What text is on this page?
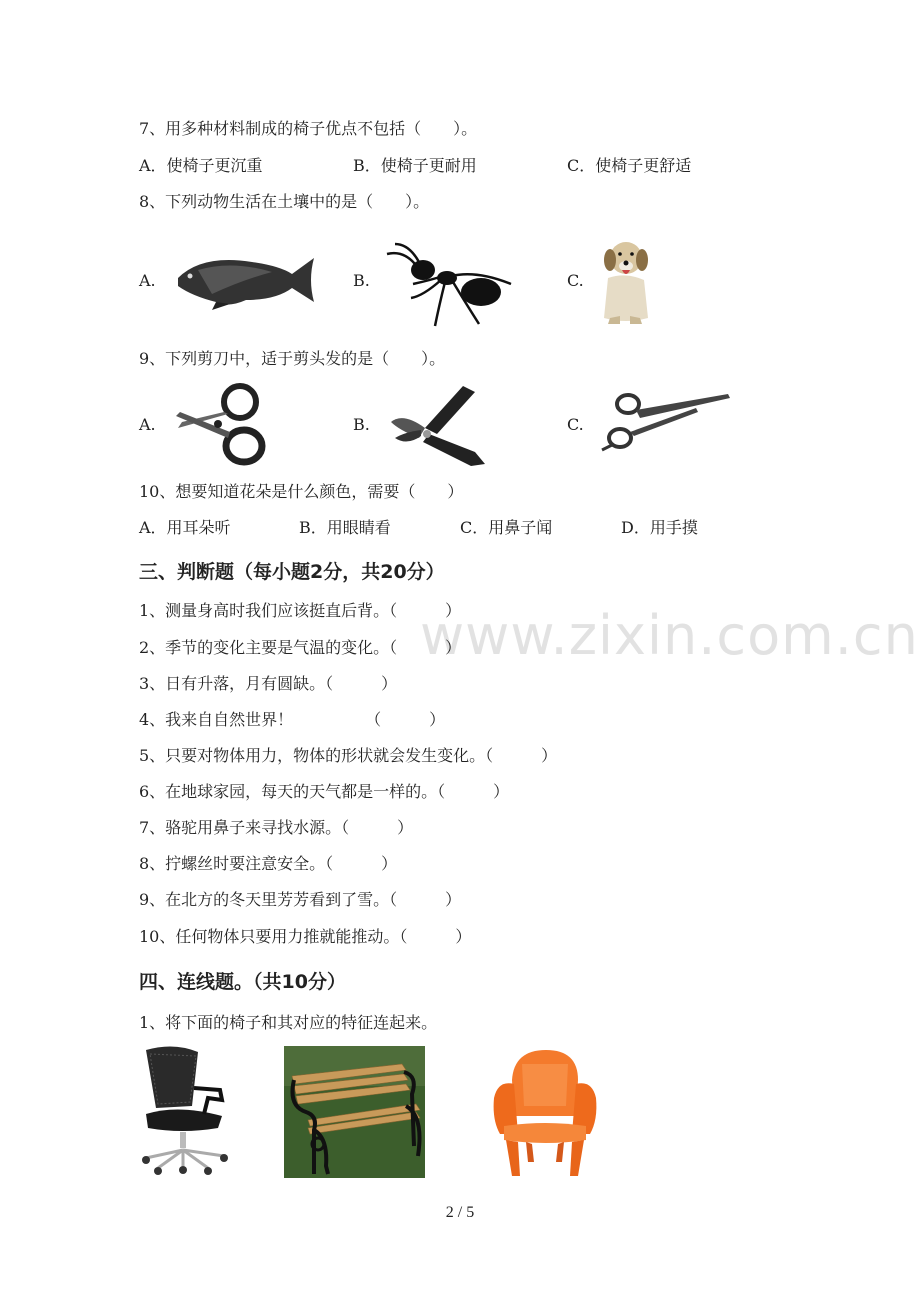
7、用多种材料制成的椅子优点不包括（　　）。
A．使椅子更沉重	B．使椅子更耐用	C．使椅子更舒适
8、下列动物生活在土壤中的是（　　）。
A.	B.	C.
9、下列剪刀中，适于剪头发的是（　　）。
A.	B.	C.
10、想要知道花朵是什么颜色，需要（　　）
A．用耳朵听	B．用眼睛看	C．用鼻子闻	D．用手摸
三、判断题（每小题2分，共20分）
www.zixin.com.cn
1、测量身高时我们应该挺直后背。（　　　）
2、季节的变化主要是气温的变化。（　　　）
3、日有升落，月有圆缺。（　　　）
4、我来自自然世界！　　　　　（　　　）
5、只要对物体用力，物体的形状就会发生变化。（　　　）
6、在地球家园，每天的天气都是一样的。（　　　）
7、骆驼用鼻子来寻找水源。（　　　）
8、拧螺丝时要注意安全。（　　　）
9、在北方的冬天里芳芳看到了雪。（　　　）
10、任何物体只要用力推就能推动。（　　　）
四、连线题。（共10分）
1、将下面的椅子和其对应的特征连起来。
2 / 5
